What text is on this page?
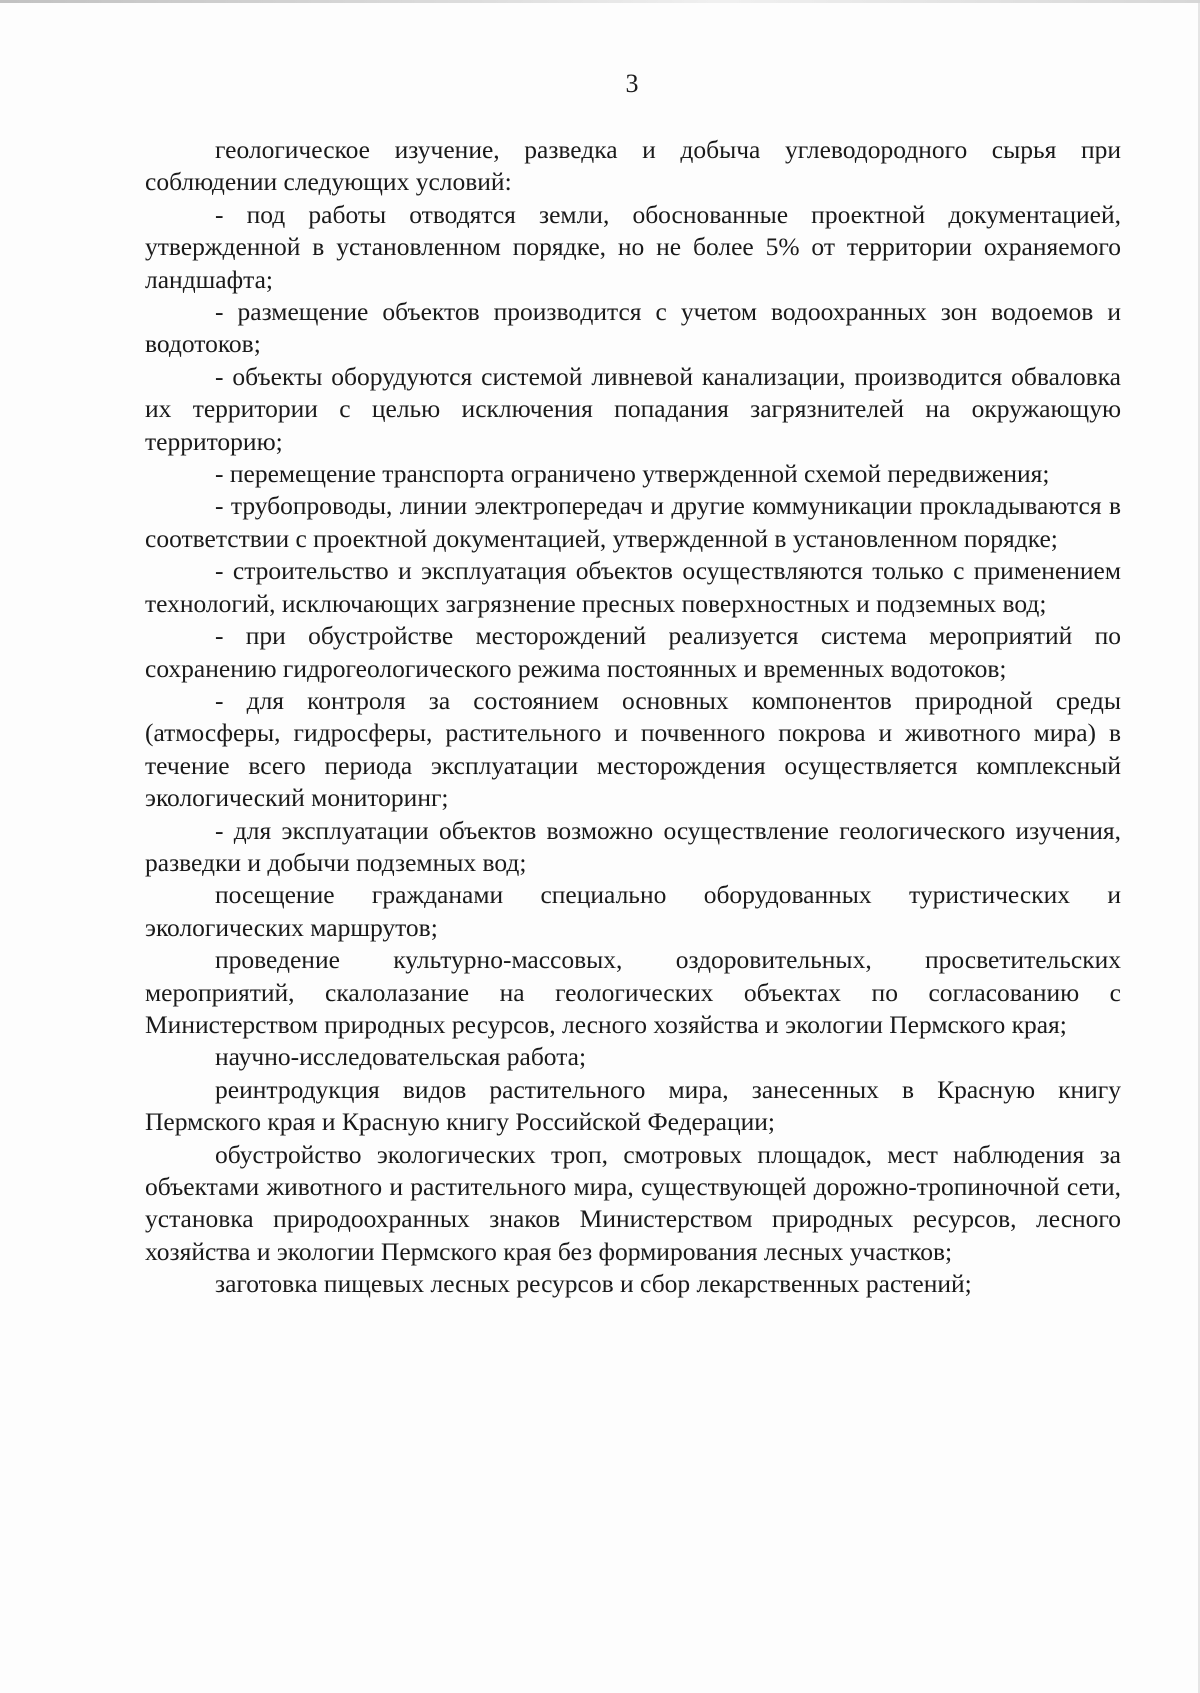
3

геологическое изучение, разведка и добыча углеводородного сырья при соблюдении следующих условий:

- под работы отводятся земли, обоснованные проектной документацией, утвержденной в установленном порядке, но не более 5% от территории охраняемого ландшафта;

- размещение объектов производится с учетом водоохранных зон водоемов и водотоков;

- объекты оборудуются системой ливневой канализации, производится обваловка их территории с целью исключения попадания загрязнителей на окружающую территорию;

- перемещение транспорта ограничено утвержденной схемой передвижения;

- трубопроводы, линии электропередач и другие коммуникации прокладываются в соответствии с проектной документацией, утвержденной в установленном порядке;

- строительство и эксплуатация объектов осуществляются только с применением технологий, исключающих загрязнение пресных поверхностных и подземных вод;

- при обустройстве месторождений реализуется система мероприятий по сохранению гидрогеологического режима постоянных и временных водотоков;

- для контроля за состоянием основных компонентов природной среды (атмосферы, гидросферы, растительного и почвенного покрова и животного мира) в течение всего периода эксплуатации месторождения осуществляется комплексный экологический мониторинг;

- для эксплуатации объектов возможно осуществление геологического изучения, разведки и добычи подземных вод;

посещение гражданами специально оборудованных туристических и экологических маршрутов;

проведение культурно-массовых, оздоровительных, просветительских мероприятий, скалолазание на геологических объектах по согласованию с Министерством природных ресурсов, лесного хозяйства и экологии Пермского края;

научно-исследовательская работа;

реинтродукция видов растительного мира, занесенных в Красную книгу Пермского края и Красную книгу Российской Федерации;

обустройство экологических троп, смотровых площадок, мест наблюдения за объектами животного и растительного мира, существующей дорожно-тропиночной сети, установка природоохранных знаков Министерством природных ресурсов, лесного хозяйства и экологии Пермского края без формирования лесных участков;

заготовка пищевых лесных ресурсов и сбор лекарственных растений;
